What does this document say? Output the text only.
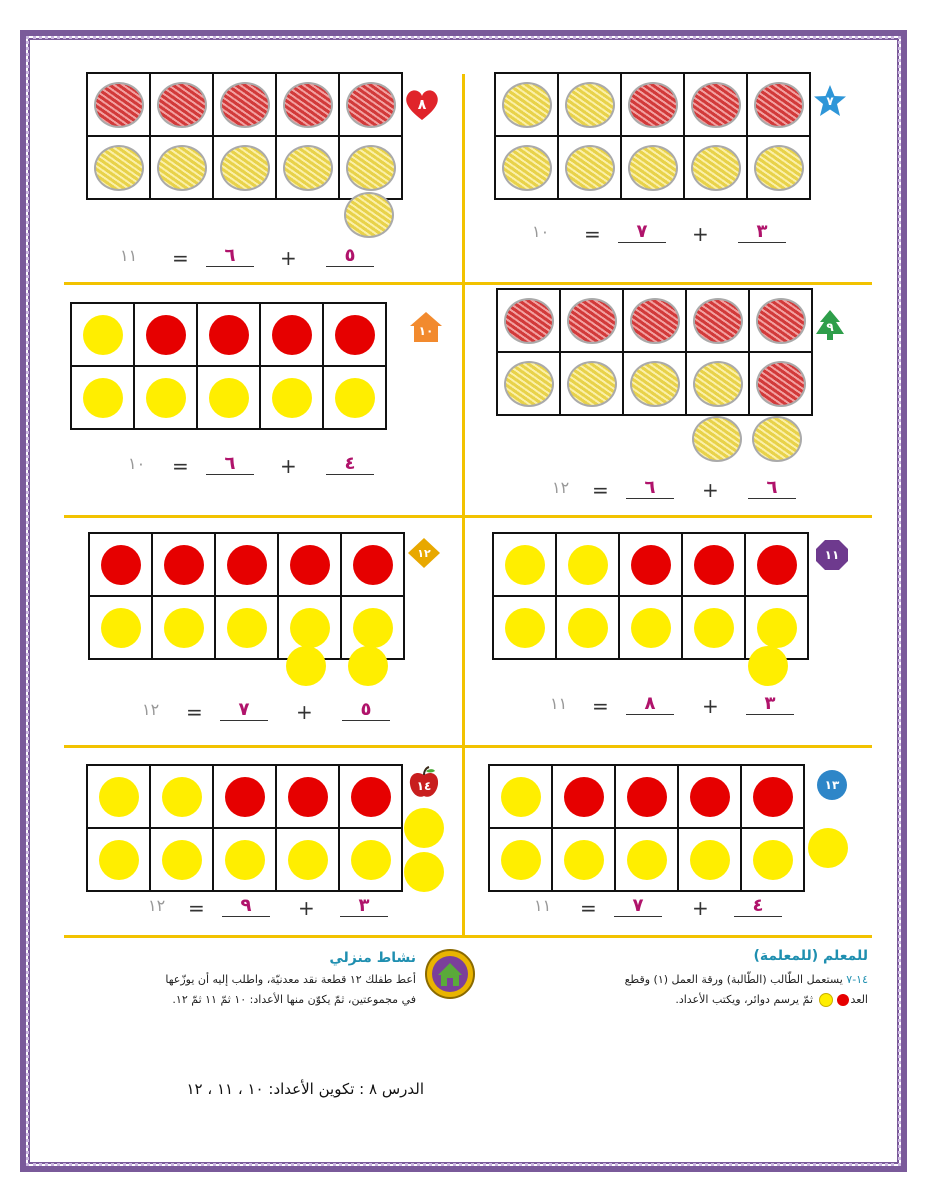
٨
١١ =	٦	+	٥
٧
١٠ =	٧	+	٣
١٠
١٠ =	٦	+	٤
٩
١٢ =	٦	+	٦
١٢
١٢ =	٧	+	٥
١١
١١ =	٨	+	٣
١٤
١٢ =	٩	+	٣
١٣
١١ =	٧	+	٤
نشاط منزلي
أعط طفلك ١٢ قطعة نقد معدنيّة، واطلب إليه أن يوزّعها
في مجموعتين، ثمّ يكوّن منها الأعداد: ١٠ ثمّ ١١ ثمّ ١٢.
للمعلم (للمعلمة)
١٤-٧ يستعمل الطّالب (الطّالبة) ورقة العمل (١) وقطع
العد ثمّ يرسم دوائر، ويكتب الأعداد.
الدرس ٨ : تكوين الأعداد: ١٠ ، ١١ ، ١٢
